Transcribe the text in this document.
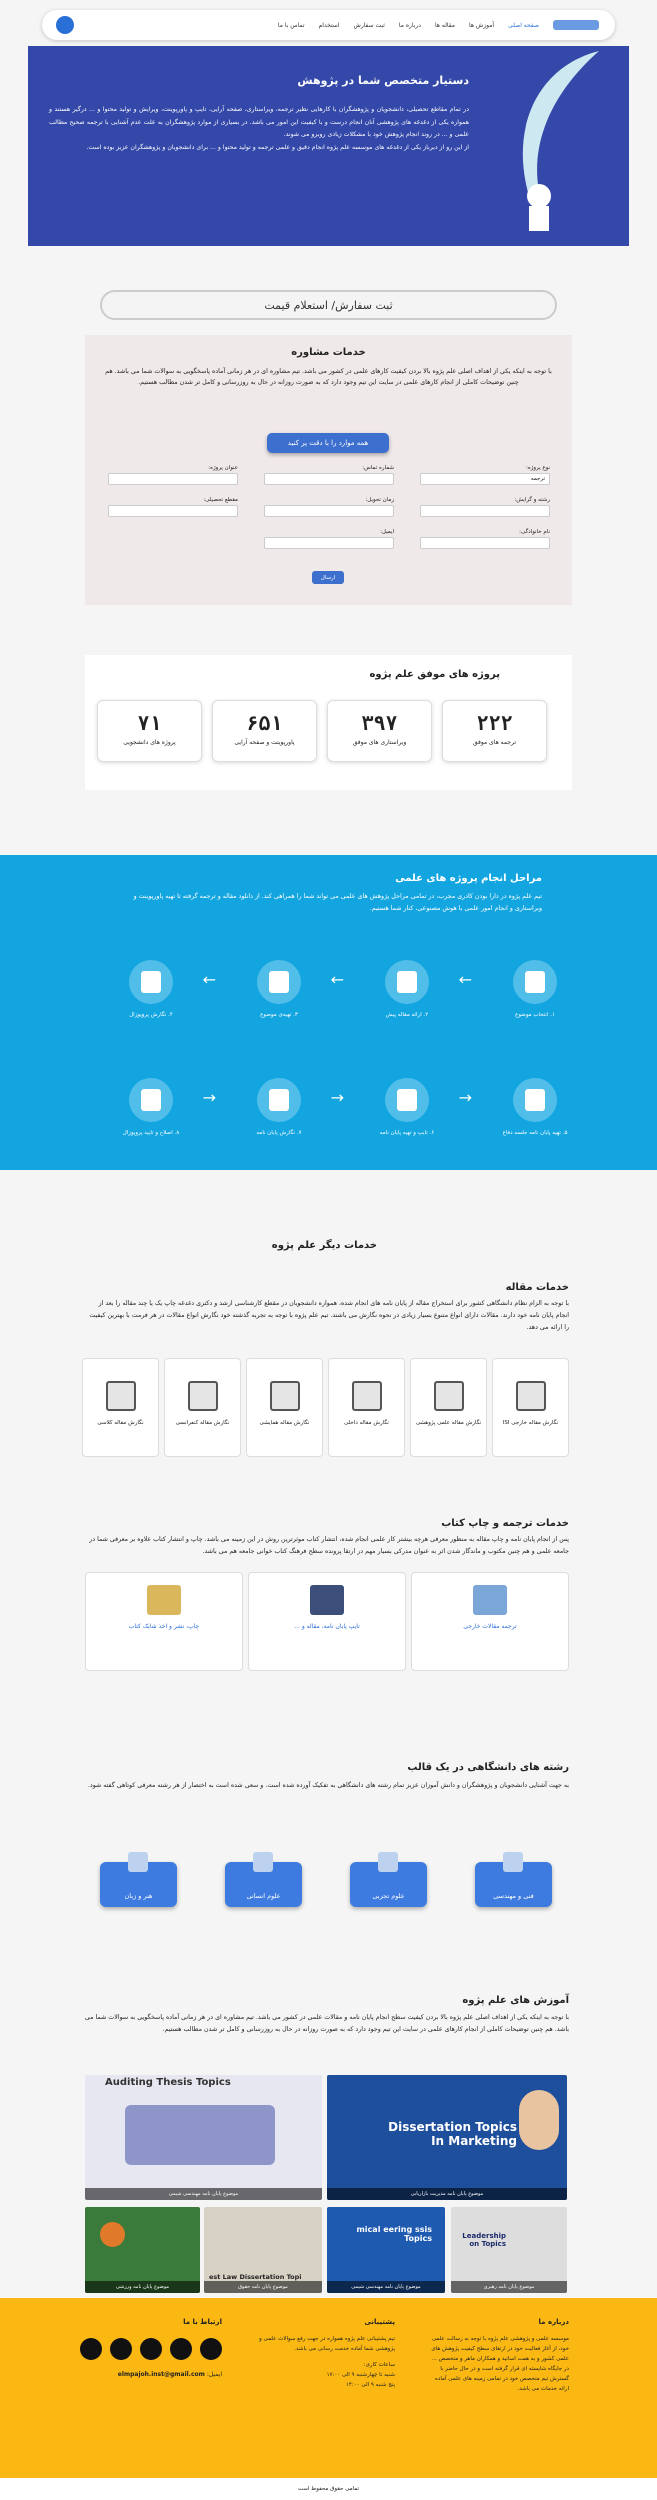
صفحه اصلی
آموزش ها
مقاله ها
درباره ما
ثبت سفارش
استخدام
تماس با ما
دستیار متخصص شما در پژوهش

در تمام مقاطع تحصیلی، دانشجویان و پژوهشگران با کارهایی نظیر ترجمه، ویراستاری، صفحه آرایی، تایپ و پاورپوینت، ویرایش و تولید محتوا و ... درگیر هستند و همواره یکی از دغدغه های پژوهشی آنان انجام درست و با کیفیت این امور می باشد. در بسیاری از موارد پژوهشگران به علت عدم آشنایی با ترجمه صحیح مطالب علمی و ... در روند انجام پژوهش خود با مشکلات زیادی روبرو می شوند.
از این رو از دیرباز یکی از دغدغه های موسسه علم پژوه انجام دقیق و علمی ترجمه و تولید محتوا و ... برای دانشجویان و پژوهشگران عزیز بوده است.

ثبت سفارش/ استعلام قیمت
خدمات مشاوره

با توجه به اینکه یکی از اهداف اصلی علم پژوه بالا بردن کیفیت کارهای علمی در کشور می باشد. تیم مشاوره ای در هر زمانی آماده پاسخگویی به سوالات شما می باشد. هم چنین توضیحات کاملی از انجام کارهای علمی در سایت این تیم وجود دارد که به صورت روزانه در حال به روزرسانی و کامل تر شدن مطالب هستیم.

همه موارد را با دقت پر کنید
نوع پروژه:
ترجمه
شماره تماس:
عنوان پروژه:
رشته و گرایش:
زمان تحویل:
مقطع تحصیلی:
نام خانوادگی:
ایمیل:
ارسال
پروژه های موفق علم پژوه
۲۲۲
ترجمه های موفق
۳۹۷
ویراستاری های موفق
۶۵۱
پاورپوینت و صفحه آرایی
۷۱
پروژه های دانشجویی
مراحل انجام پروژه های علمی

تیم علم پژوه در دارا بودن کادری مجرب، در تمامی مراحل پژوهش های علمی می تواند شما را همراهی کند. از دانلود مقاله و ترجمه گرفته تا تهیه پاورپوینت و ویراستاری و انجام امور علمی با هوش مصنوعی، کنار شما هستیم.

۱. انتخاب موضوع
←
۲. ارائه مقاله پیش
←
۳. ‌‌تهیه‌ی موضوع
←
۴. نگارش پروپوزال
۵. تهیه پایان نامه جلسه دفاع
→
۶. تایپ و تهیه پایان نامه
→
۷. نگارش پایان نامه
→
۸. اصلاح و تایید پروپوزال
خدمات دیگر علم پژوه
خدمات مقاله

با توجه به الزام نظام دانشگاهی کشور برای استخراج مقاله از پایان نامه های انجام شده، همواره دانشجویان در مقطع کارشناسی ارشد و دکتری دغدغه چاپ یک یا چند مقاله را بعد از انجام پایان نامه خود دارند. مقالات دارای انواع متنوع بسیار زیادی در نحوه نگارش می باشند. تیم علم پژوه با توجه به تجربه گذشته خود نگارش انواع مقالات در هر فرمت با بهترین کیفیت را ارائه می دهد.

نگارش مقاله خارجی ISI
نگارش مقاله علمی پژوهشی
نگارش مقاله داخلی
نگارش مقاله همایشی
نگارش مقاله کنفرانسی
نگارش مقاله کلاسی
خدمات ترجمه و چاپ کتاب

پس از انجام پایان نامه و چاپ مقاله به منظور معرفی هرچه بیشتر کار علمی انجام شده، انتشار کتاب موثرترین روش در این زمینه می باشد. چاپ و انتشار کتاب علاوه بر معرفی شما در جامعه علمی و هم چنین مکتوب و ماندگار شدن اثر به عنوان مدرکی بسیار مهم در ارتقا پرونده سطح فرهنگ کتاب خوانی جامعه هم می باشد.

ترجمه مقالات خارجی
تایپ پایان نامه، مقاله و ...
چاپ، نشر و اخذ شابک کتاب
رشته های دانشگاهی در یک قالب

به جهت آشنایی دانشجویان و پژوهشگران و دانش آموزان عزیز تمام رشته های دانشگاهی به تفکیک آورده شده است. و سعی شده است به اختصار از هر رشته معرفی کوتاهی گفته شود.

فنی و مهندسی
علوم تجربی
علوم انسانی
هنر و زبان
آموزش های علم پژوه

با توجه به اینکه یکی از اهداف اصلی علم پژوه بالا بردن کیفیت سطح انجام پایان نامه و مقالات علمی در کشور می باشد. تیم مشاوره ای در هر زمانی آماده پاسخگویی به سوالات شما می باشد. هم چنین توضیحات کاملی از انجام کارهای علمی در سایت این تیم وجود دارد که به صورت روزانه در حال به روزرسانی و کامل تر شدن مطالب هستیم.

Dissertation Topics In Marketing
موضوع پایان نامه مدیریت بازاریابی
Auditing Thesis Topics
موضوع پایان نامه مهندسی شیمی
Leadership on Topics
موضوع پایان نامه رهبری
mical eering ssis Topics
موضوع پایان نامه مهندسی شیمی
est Law Dissertation Topi
موضوع پایان نامه حقوق
موضوع پایان نامه ورزشی
درباره ما

موسسه علمی و پژوهشی علم پژوه با توجه به رسالت علمی خود، از آغاز فعالیت خود در ارتقای سطح کیفیت پژوهش های علمی کشور و به همت اساتید و همکاران ماهر و متخصص ... در جایگاه شایسته ای قرار گرفته است و در حال حاضر با گسترش تیم متخصص خود در تمامی زمینه های علمی آماده ارائه خدمات می باشد.

پشتیبانی

تیم پشتیبانی علم پژوه همواره در جهت رفع سوالات علمی و پژوهشی شما آماده خدمت رسانی می باشد.

ساعات کاری:
شنبه تا چهارشنبه ۹ الی ۱۷:۰۰
پنج شنبه ۹ الی ۱۴:۰۰

ارتباط با ما

ایمیل: elmpajoh.inst@gmail.com

تمامی حقوق محفوظ است
